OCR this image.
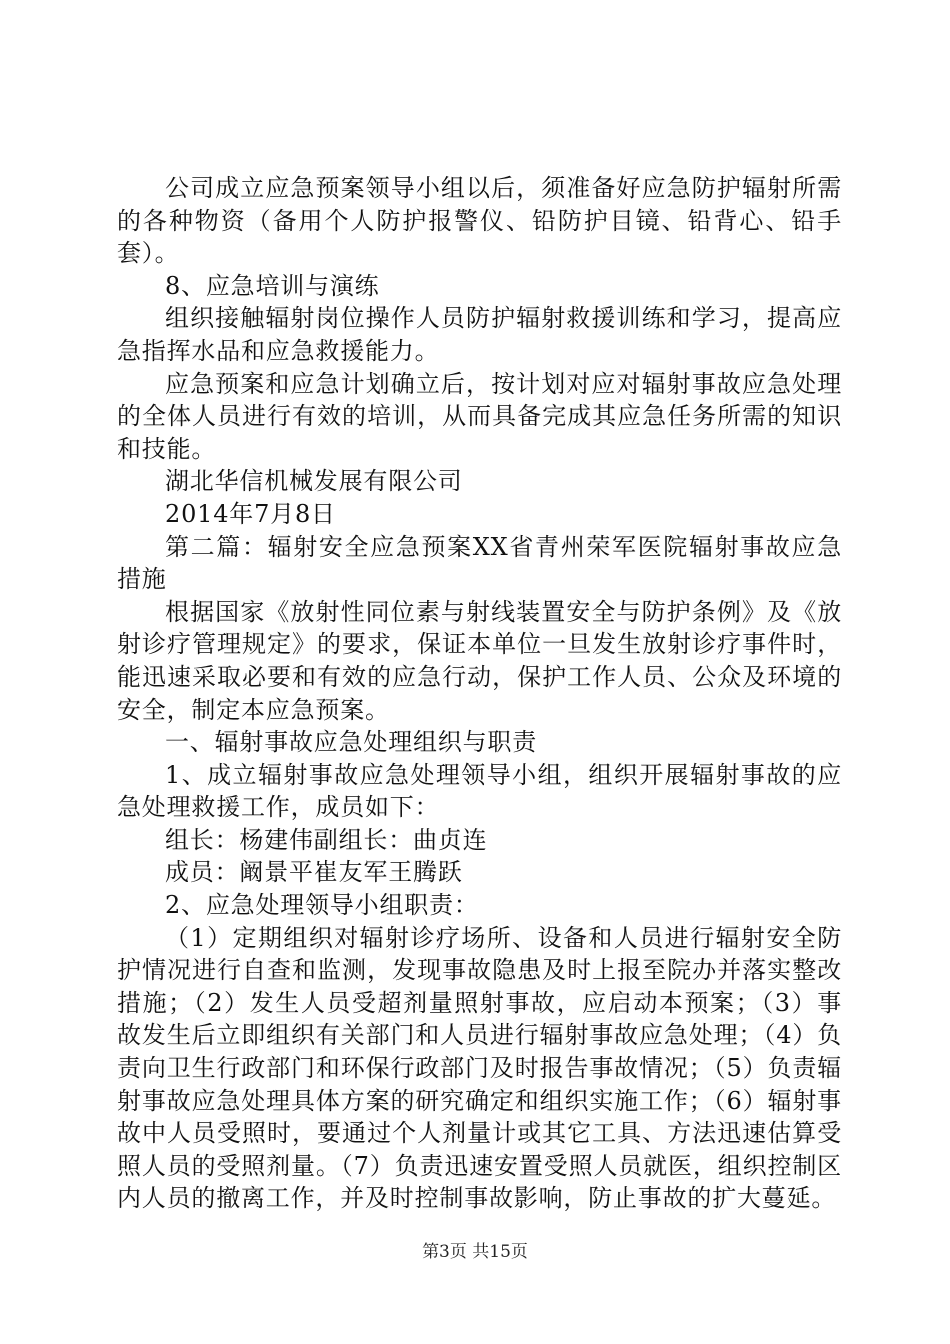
公司成立应急预案领导小组以后，须准备好应急防护辐射所需的各种物资（备用个人防护报警仪、铅防护目镜、铅背心、铅手套）。

8、应急培训与演练

组织接触辐射岗位操作人员防护辐射救援训练和学习，提高应急指挥水品和应急救援能力。

应急预案和应急计划确立后，按计划对应对辐射事故应急处理的全体人员进行有效的培训，从而具备完成其应急任务所需的知识和技能。

湖北华信机械发展有限公司

2014年7月8日

第二篇：辐射安全应急预案XX省青州荣军医院辐射事故应急措施

根据国家《放射性同位素与射线装置安全与防护条例》及《放射诊疗管理规定》的要求，保证本单位一旦发生放射诊疗事件时，能迅速采取必要和有效的应急行动，保护工作人员、公众及环境的安全，制定本应急预案。

一、辐射事故应急处理组织与职责

1、成立辐射事故应急处理领导小组，组织开展辐射事故的应急处理救援工作，成员如下：

组长：杨建伟副组长：曲贞连

成员：阚景平崔友军王腾跃

2、应急处理领导小组职责：

（1）定期组织对辐射诊疗场所、设备和人员进行辐射安全防护情况进行自查和监测，发现事故隐患及时上报至院办并落实整改措施；（2）发生人员受超剂量照射事故，应启动本预案；（3）事故发生后立即组织有关部门和人员进行辐射事故应急处理；（4）负责向卫生行政部门和环保行政部门及时报告事故情况；（5）负责辐射事故应急处理具体方案的研究确定和组织实施工作；（6）辐射事故中人员受照时，要通过个人剂量计或其它工具、方法迅速估算受照人员的受照剂量。（7）负责迅速安置受照人员就医，组织控制区内人员的撤离工作，并及时控制事故影响，防止事故的扩大蔓延。

第3页 共15页
